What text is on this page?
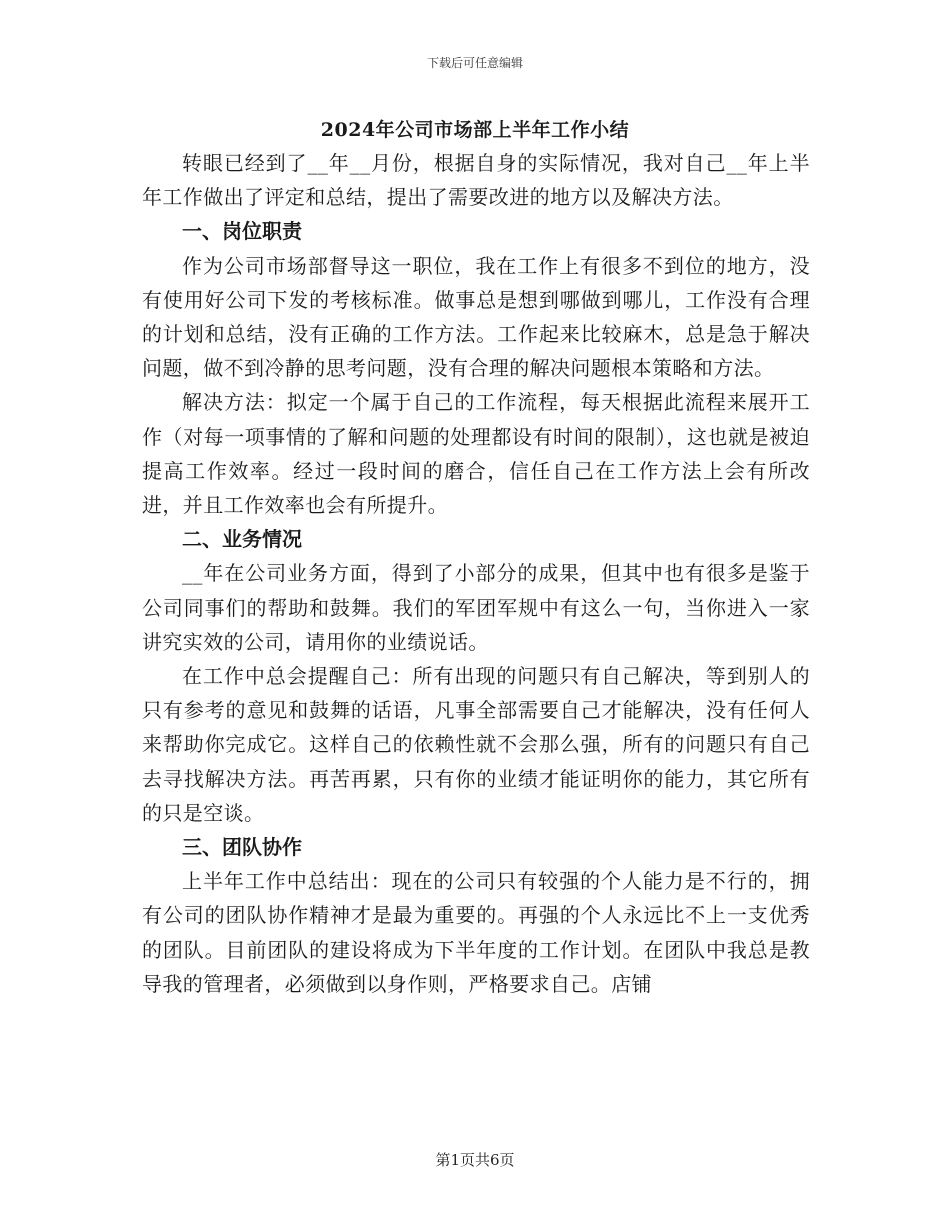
下载后可任意编辑
2024年公司市场部上半年工作小结

转眼已经到了__年__月份，根据自身的实际情况，我对自己__年上半年工作做出了评定和总结，提出了需要改进的地方以及解决方法。

一、岗位职责

作为公司市场部督导这一职位，我在工作上有很多不到位的地方，没有使用好公司下发的考核标准。做事总是想到哪做到哪儿，工作没有合理的计划和总结，没有正确的工作方法。工作起来比较麻木，总是急于解决问题，做不到冷静的思考问题，没有合理的解决问题根本策略和方法。

解决方法：拟定一个属于自己的工作流程，每天根据此流程来展开工作（对每一项事情的了解和问题的处理都设有时间的限制），这也就是被迫提高工作效率。经过一段时间的磨合，信任自己在工作方法上会有所改进，并且工作效率也会有所提升。

二、业务情况

__年在公司业务方面，得到了小部分的成果，但其中也有很多是鉴于公司同事们的帮助和鼓舞。我们的军团军规中有这么一句，当你进入一家讲究实效的公司，请用你的业绩说话。

在工作中总会提醒自己：所有出现的问题只有自己解决，等到别人的只有参考的意见和鼓舞的话语，凡事全部需要自己才能解决，没有任何人来帮助你完成它。这样自己的依赖性就不会那么强，所有的问题只有自己去寻找解决方法。再苦再累，只有你的业绩才能证明你的能力，其它所有的只是空谈。

三、团队协作

上半年工作中总结出：现在的公司只有较强的个人能力是不行的，拥有公司的团队协作精神才是最为重要的。再强的个人永远比不上一支优秀的团队。目前团队的建设将成为下半年度的工作计划。在团队中我总是教导我的管理者，必须做到以身作则，严格要求自己。店铺

第1页共6页
